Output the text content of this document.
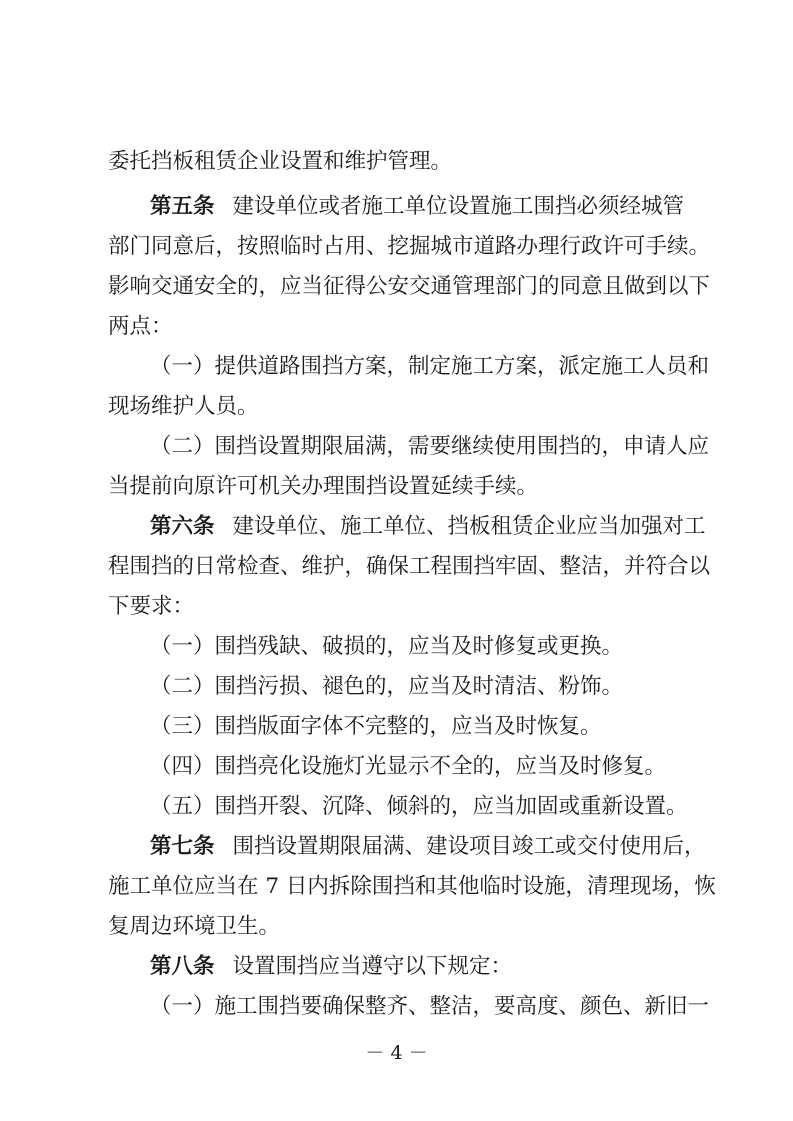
委托挡板租赁企业设置和维护管理。
第五条 建设单位或者施工单位设置施工围挡必须经城管
部门同意后，按照临时占用、挖掘城市道路办理行政许可手续。
影响交通安全的，应当征得公安交通管理部门的同意且做到以下
两点：
（一）提供道路围挡方案，制定施工方案，派定施工人员和
现场维护人员。
（二）围挡设置期限届满，需要继续使用围挡的，申请人应
当提前向原许可机关办理围挡设置延续手续。
第六条 建设单位、施工单位、挡板租赁企业应当加强对工
程围挡的日常检查、维护，确保工程围挡牢固、整洁，并符合以
下要求：
（一）围挡残缺、破损的，应当及时修复或更换。
（二）围挡污损、褪色的，应当及时清洁、粉饰。
（三）围挡版面字体不完整的，应当及时恢复。
（四）围挡亮化设施灯光显示不全的，应当及时修复。
（五）围挡开裂、沉降、倾斜的，应当加固或重新设置。
第七条 围挡设置期限届满、建设项目竣工或交付使用后，
施工单位应当在 7 日内拆除围挡和其他临时设施，清理现场，恢
复周边环境卫生。
第八条 设置围挡应当遵守以下规定：
（一）施工围挡要确保整齐、整洁，要高度、颜色、新旧一
－ 4 －
